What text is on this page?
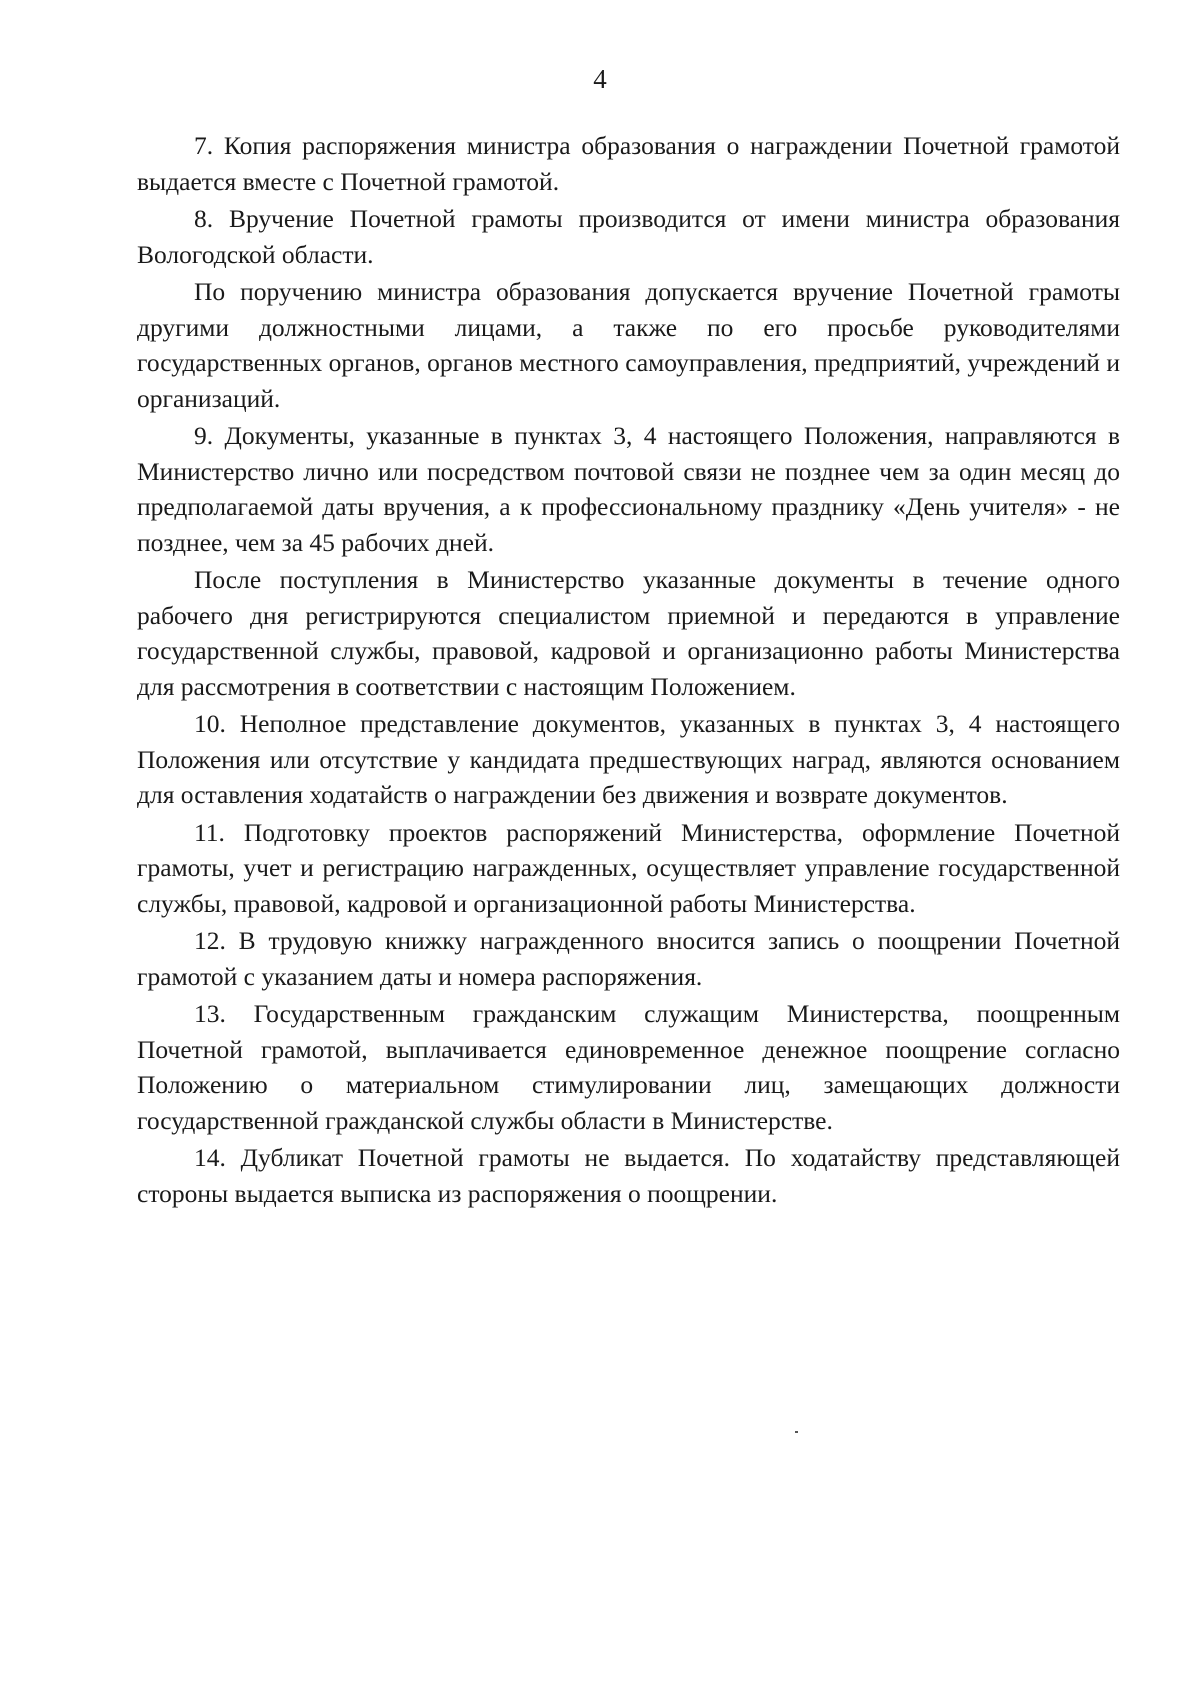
4

7. Копия распоряжения министра образования о награждении Почетной грамотой выдается вместе с Почетной грамотой.

8. Вручение Почетной грамоты производится от имени министра образования Вологодской области.

По поручению министра образования допускается вручение Почетной грамоты другими должностными лицами, а также по его просьбе руководителями государственных органов, органов местного самоуправления, предприятий, учреждений и организаций.

9. Документы, указанные в пунктах 3, 4 настоящего Положения, направляются в Министерство лично или посредством почтовой связи не позднее чем за один месяц до предполагаемой даты вручения, а к профессиональному празднику «День учителя» - не позднее, чем за 45 рабочих дней.

После поступления в Министерство указанные документы в течение одного рабочего дня регистрируются специалистом приемной и передаются в управление государственной службы, правовой, кадровой и организационно работы Министерства для рассмотрения в соответствии с настоящим Положением.

10. Неполное представление документов, указанных в пунктах 3, 4 настоящего Положения или отсутствие у кандидата предшествующих наград, являются основанием для оставления ходатайств о награждении без движения и возврате документов.

11. Подготовку проектов распоряжений Министерства, оформление Почетной грамоты, учет и регистрацию награжденных, осуществляет управление государственной службы, правовой, кадровой и организационной работы Министерства.

12. В трудовую книжку награжденного вносится запись о поощрении Почетной грамотой с указанием даты и номера распоряжения.

13. Государственным гражданским служащим Министерства, поощренным Почетной грамотой, выплачивается единовременное денежное поощрение согласно Положению о материальном стимулировании лиц, замещающих должности государственной гражданской службы области в Министерстве.

14. Дубликат Почетной грамоты не выдается. По ходатайству представляющей стороны выдается выписка из распоряжения о поощрении.
